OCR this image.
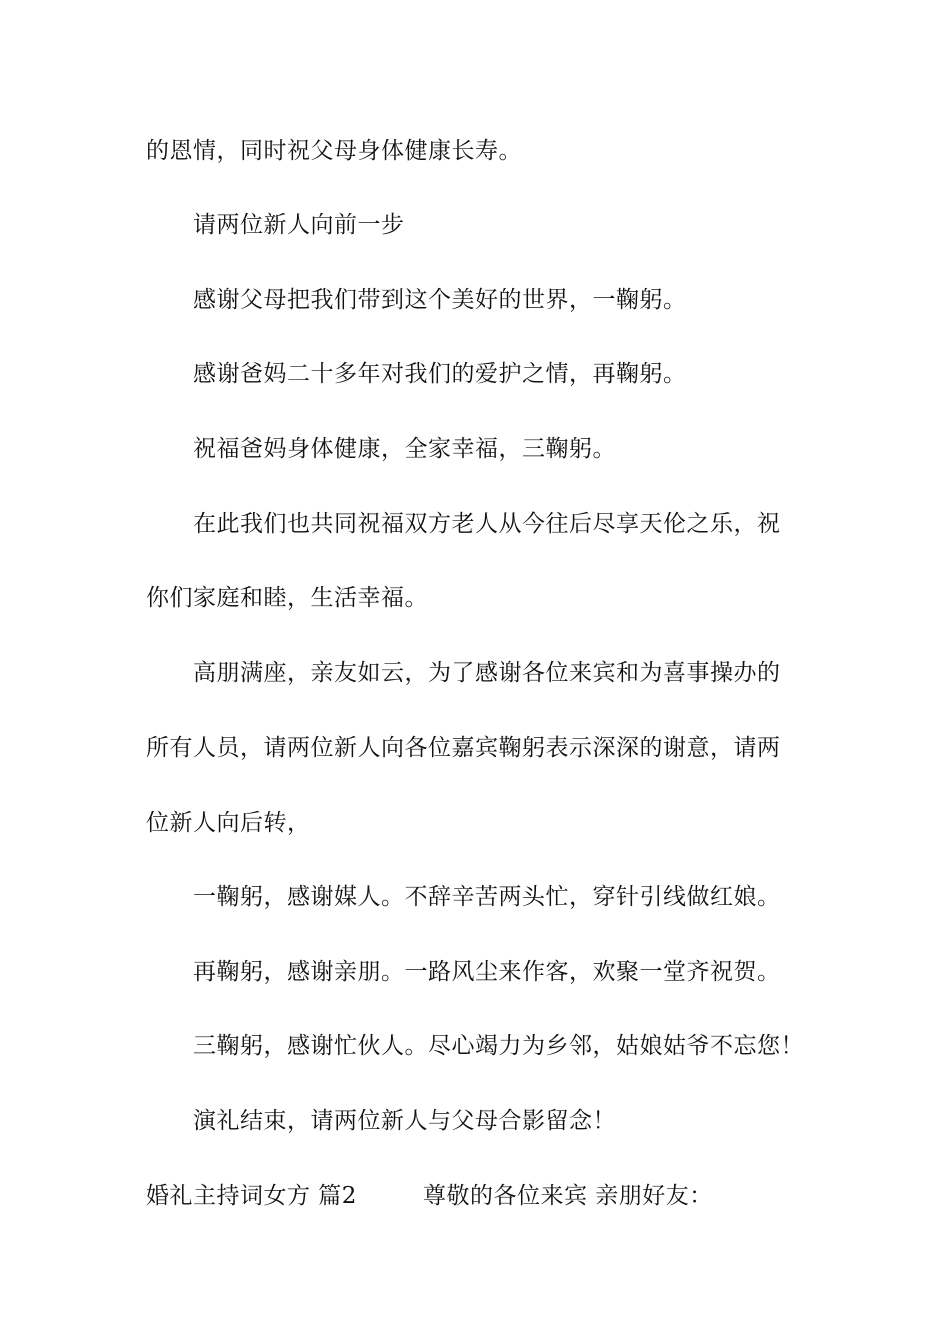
的恩情，同时祝父母身体健康长寿。
请两位新人向前一步
感谢父母把我们带到这个美好的世界，一鞠躬。
感谢爸妈二十多年对我们的爱护之情，再鞠躬。
祝福爸妈身体健康，全家幸福，三鞠躬。
在此我们也共同祝福双方老人从今往后尽享天伦之乐，祝
你们家庭和睦，生活幸福。
高朋满座，亲友如云，为了感谢各位来宾和为喜事操办的
所有人员，请两位新人向各位嘉宾鞠躬表示深深的谢意，请两
位新人向后转，
一鞠躬，感谢媒人。不辞辛苦两头忙，穿针引线做红娘。
再鞠躬，感谢亲朋。一路风尘来作客，欢聚一堂齐祝贺。
三鞠躬，感谢忙伙人。尽心竭力为乡邻，姑娘姑爷不忘您！
演礼结束，请两位新人与父母合影留念！
婚礼主持词女方 篇2	尊敬的各位来宾 亲朋好友：
